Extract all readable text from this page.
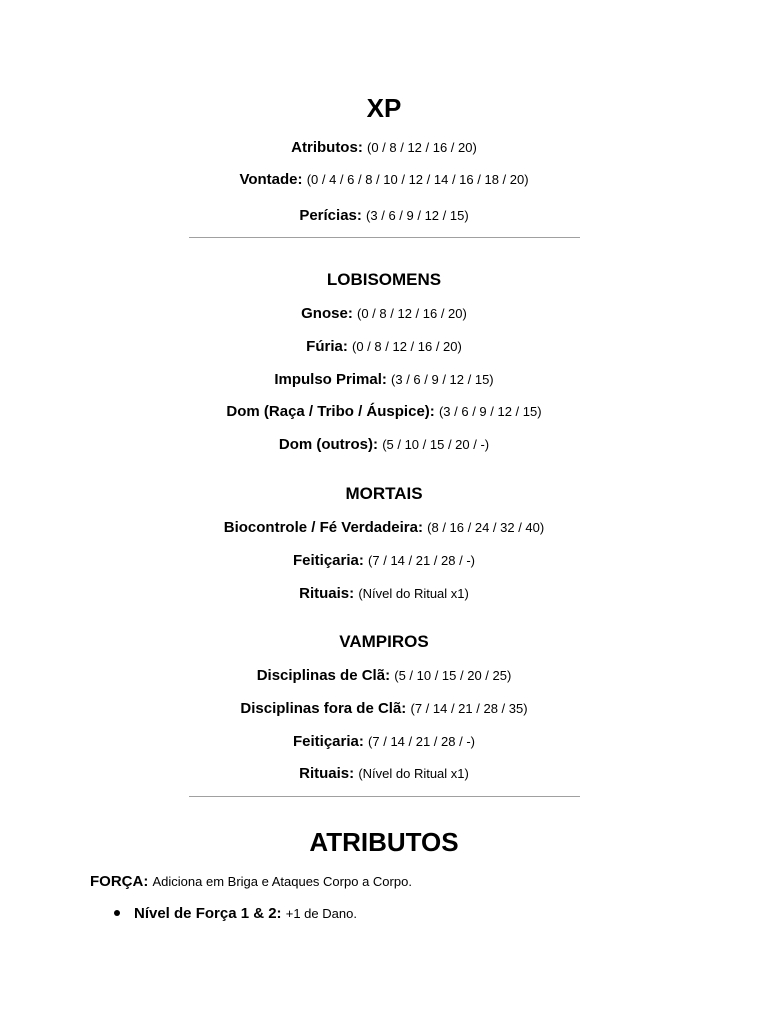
XP
Atributos: (0 / 8 / 12 / 16 / 20)
Vontade: (0 / 4 / 6 / 8 / 10 / 12 / 14 / 16 / 18 / 20)
Perícias: (3 / 6 / 9 / 12 / 15)
LOBISOMENS
Gnose: (0 / 8 / 12 / 16 / 20)
Fúria: (0 / 8 / 12 / 16 / 20)
Impulso Primal: (3 / 6 / 9 / 12 / 15)
Dom (Raça / Tribo / Áuspice): (3 / 6 / 9 / 12 / 15)
Dom (outros): (5 / 10 / 15 / 20 / -)
MORTAIS
Biocontrole / Fé Verdadeira: (8 / 16 / 24 / 32 / 40)
Feitiçaria: (7 / 14 / 21 / 28 / -)
Rituais: (Nível do Ritual x1)
VAMPIROS
Disciplinas de Clã: (5 / 10 / 15 / 20 / 25)
Disciplinas fora de Clã: (7 / 14 / 21 / 28 / 35)
Feitiçaria: (7 / 14 / 21 / 28 / -)
Rituais: (Nível do Ritual x1)
ATRIBUTOS
FORÇA: Adiciona em Briga e Ataques Corpo a Corpo.
Nível de Força 1 & 2: +1 de Dano.
